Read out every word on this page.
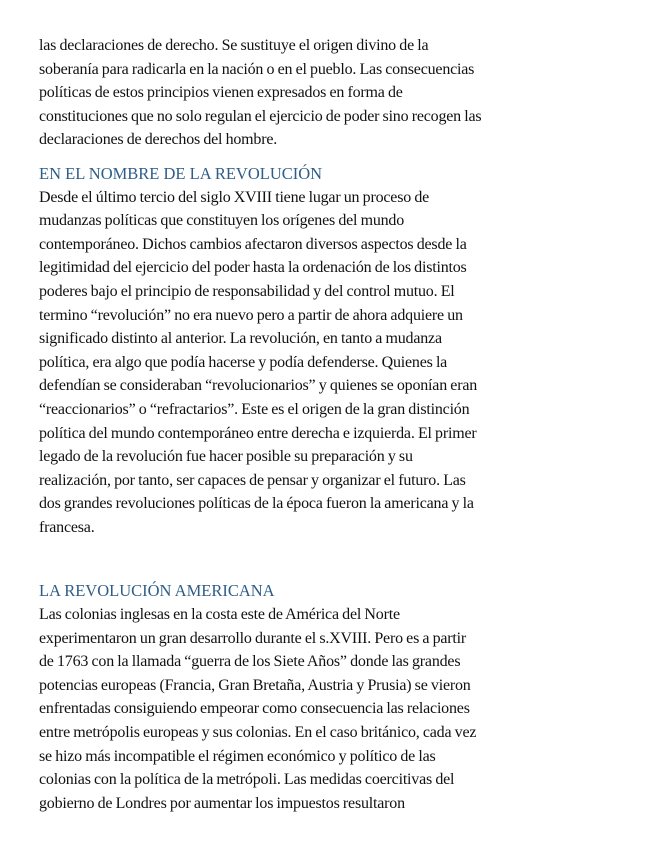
las declaraciones de derecho. Se sustituye el origen divino de la
soberanía para radicarla en la nación o en el pueblo. Las consecuencias
políticas de estos principios vienen expresados en forma de
constituciones que no solo regulan el ejercicio de poder sino recogen las
declaraciones de derechos del hombre.

EN EL NOMBRE DE LA REVOLUCIÓN

Desde el último tercio del siglo XVIII tiene lugar un proceso de
mudanzas políticas que constituyen los orígenes del mundo
contemporáneo. Dichos cambios afectaron diversos aspectos desde la
legitimidad del ejercicio del poder hasta la ordenación de los distintos
poderes bajo el principio de responsabilidad y del control mutuo. El
termino “revolución” no era nuevo pero a partir de ahora adquiere un
significado distinto al anterior. La revolución, en tanto a mudanza
política, era algo que podía hacerse y podía defenderse. Quienes la
defendían se consideraban “revolucionarios” y quienes se oponían eran
“reaccionarios” o “refractarios”. Este es el origen de la gran distinción
política del mundo contemporáneo entre derecha e izquierda. El primer
legado de la revolución fue hacer posible su preparación y su
realización, por tanto, ser capaces de pensar y organizar el futuro. Las
dos grandes revoluciones políticas de la época fueron la americana y la
francesa.

LA REVOLUCIÓN AMERICANA

Las colonias inglesas en la costa este de América del Norte
experimentaron un gran desarrollo durante el s.XVIII. Pero es a partir
de 1763 con la llamada “guerra de los Siete Años” donde las grandes
potencias europeas (Francia, Gran Bretaña, Austria y Prusia) se vieron
enfrentadas consiguiendo empeorar como consecuencia las relaciones
entre metrópolis europeas y sus colonias. En el caso británico, cada vez
se hizo más incompatible el régimen económico y político de las
colonias con la política de la metrópoli. Las medidas coercitivas del
gobierno de Londres por aumentar los impuestos resultaron
